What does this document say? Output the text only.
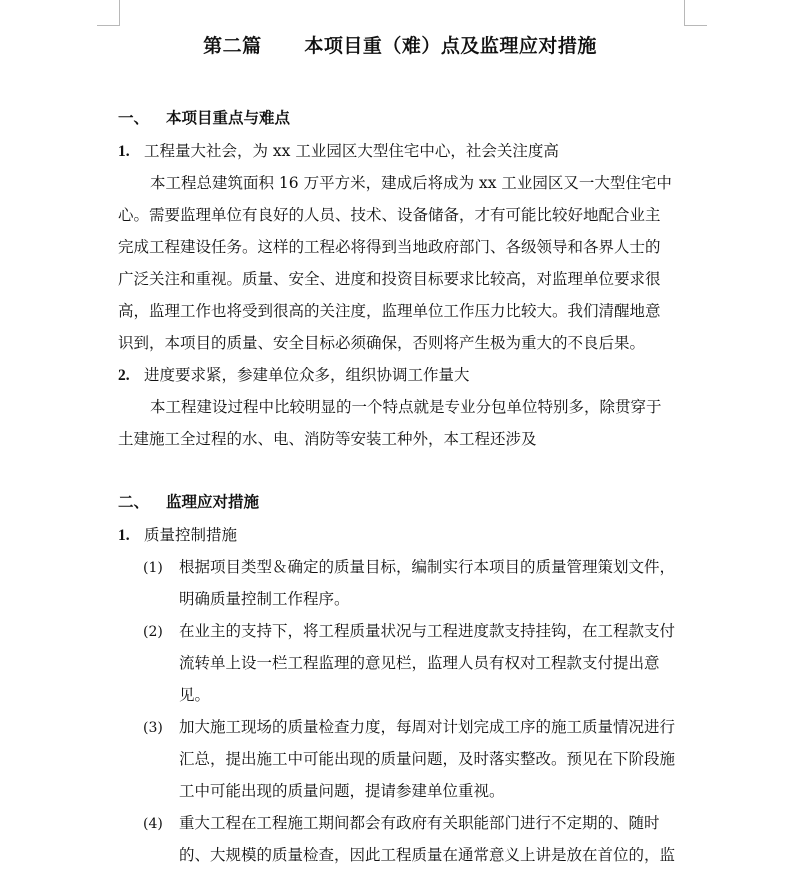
第二篇      本项目重（难）点及监理应对措施
一、 本项目重点与难点
1. 工程量大社会，为 xx 工业园区大型住宅中心，社会关注度高
本工程总建筑面积 16 万平方米，建成后将成为 xx 工业园区又一大型住宅中
心。需要监理单位有良好的人员、技术、设备储备，才有可能比较好地配合业主
完成工程建设任务。这样的工程必将得到当地政府部门、各级领导和各界人士的
广泛关注和重视。质量、安全、进度和投资目标要求比较高，对监理单位要求很
高，监理工作也将受到很高的关注度，监理单位工作压力比较大。我们清醒地意
识到，本项目的质量、安全目标必须确保，否则将产生极为重大的不良后果。
2. 进度要求紧，参建单位众多，组织协调工作量大
本工程建设过程中比较明显的一个特点就是专业分包单位特别多，除贯穿于
土建施工全过程的水、电、消防等安装工种外，本工程还涉及
二、 监理应对措施
1. 质量控制措施
(1) 根据项目类型＆确定的质量目标，编制实行本项目的质量管理策划文件，
明确质量控制工作程序。
(2) 在业主的支持下，将工程质量状况与工程进度款支持挂钩，在工程款支付
流转单上设一栏工程监理的意见栏，监理人员有权对工程款支付提出意
见。
(3) 加大施工现场的质量检查力度，每周对计划完成工序的施工质量情况进行
汇总，提出施工中可能出现的质量问题，及时落实整改。预见在下阶段施
工中可能出现的质量问题，提请参建单位重视。
(4) 重大工程在工程施工期间都会有政府有关职能部门进行不定期的、随时
的、大规模的质量检查，因此工程质量在通常意义上讲是放在首位的，监
